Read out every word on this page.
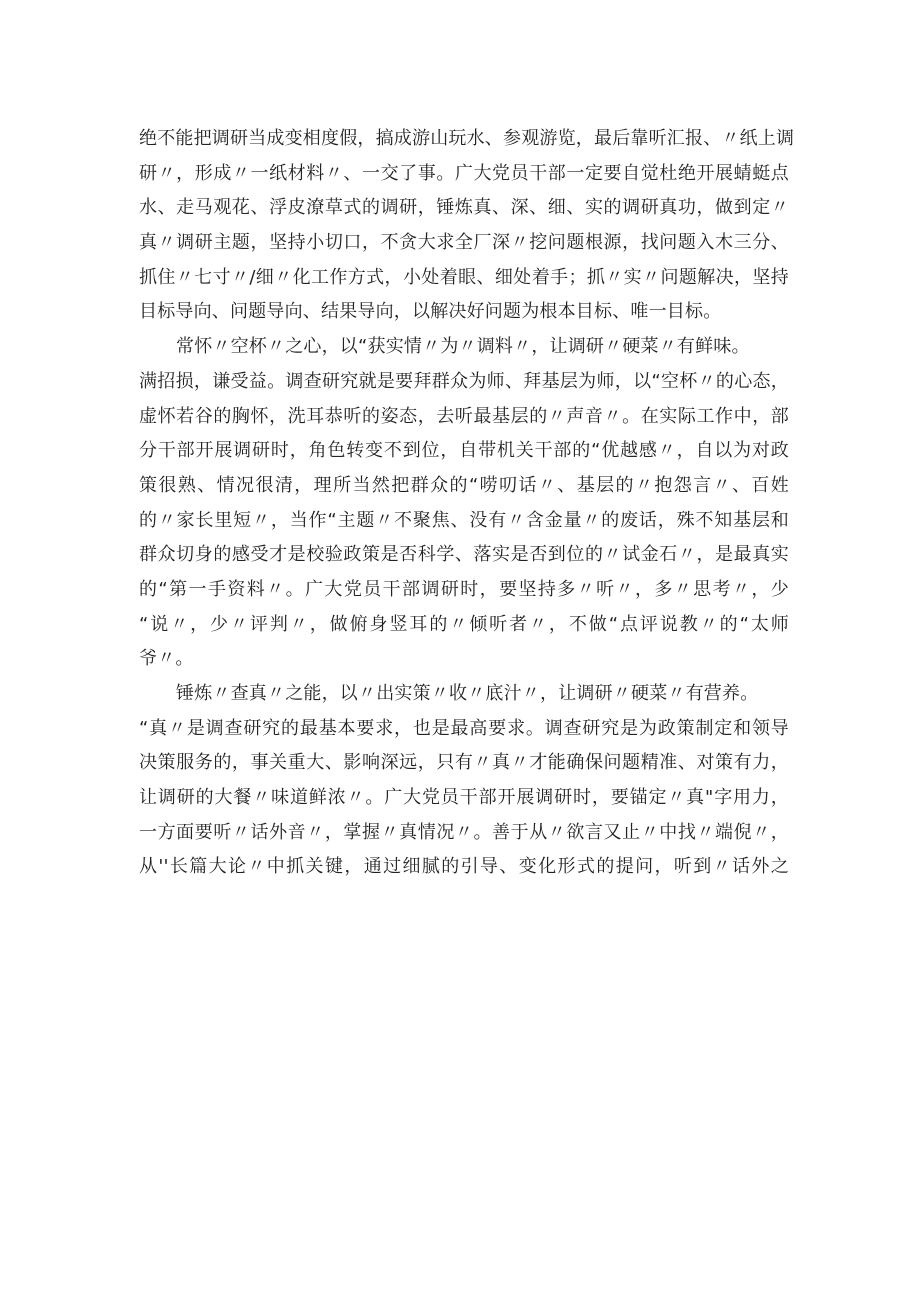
绝不能把调研当成变相度假，搞成游山玩水、参观游览，最后靠听汇报、〃纸上调
研〃，形成〃一纸材料〃、一交了事。广大党员干部一定要自觉杜绝开展蜻蜓点
水、走马观花、浮皮潦草式的调研，锤炼真、深、细、实的调研真功，做到定〃
真〃调研主题，坚持小切口，不贪大求全厂深〃挖问题根源，找问题入木三分、
抓住〃七寸〃/细〃化工作方式，小处着眼、细处着手；抓〃实〃问题解决，坚持
目标导向、问题导向、结果导向，以解决好问题为根本目标、唯一目标。
常怀〃空杯〃之心，以“获实情〃为〃调料〃，让调研〃硬菜〃有鲜味。
满招损，谦受益。调查研究就是要拜群众为师、拜基层为师，以“空杯〃的心态，
虚怀若谷的胸怀，洗耳恭听的姿态，去听最基层的〃声音〃。在实际工作中，部
分干部开展调研时，角色转变不到位，自带机关干部的“优越感〃，自以为对政
策很熟、情况很清，理所当然把群众的“唠叨话〃、基层的〃抱怨言〃、百姓
的〃家长里短〃，当作“主题〃不聚焦、没有〃含金量〃的废话，殊不知基层和
群众切身的感受才是校验政策是否科学、落实是否到位的〃试金石〃，是最真实
的“第一手资料〃。广大党员干部调研时，要坚持多〃听〃，多〃思考〃，少
“说〃，少〃评判〃，做俯身竖耳的〃倾听者〃，不做“点评说教〃的“太师
爷〃。
锤炼〃查真〃之能，以〃出实策〃收〃底汁〃，让调研〃硬菜〃有营养。
“真〃是调查研究的最基本要求，也是最高要求。调查研究是为政策制定和领导
决策服务的，事关重大、影响深远，只有〃真〃才能确保问题精准、对策有力，
让调研的大餐〃味道鲜浓〃。广大党员干部开展调研时，要锚定〃真"字用力，
一方面要听〃话外音〃，掌握〃真情况〃。善于从〃欲言又止〃中找〃端倪〃，
从''长篇大论〃中抓关键，通过细腻的引导、变化形式的提问，听到〃话外之
